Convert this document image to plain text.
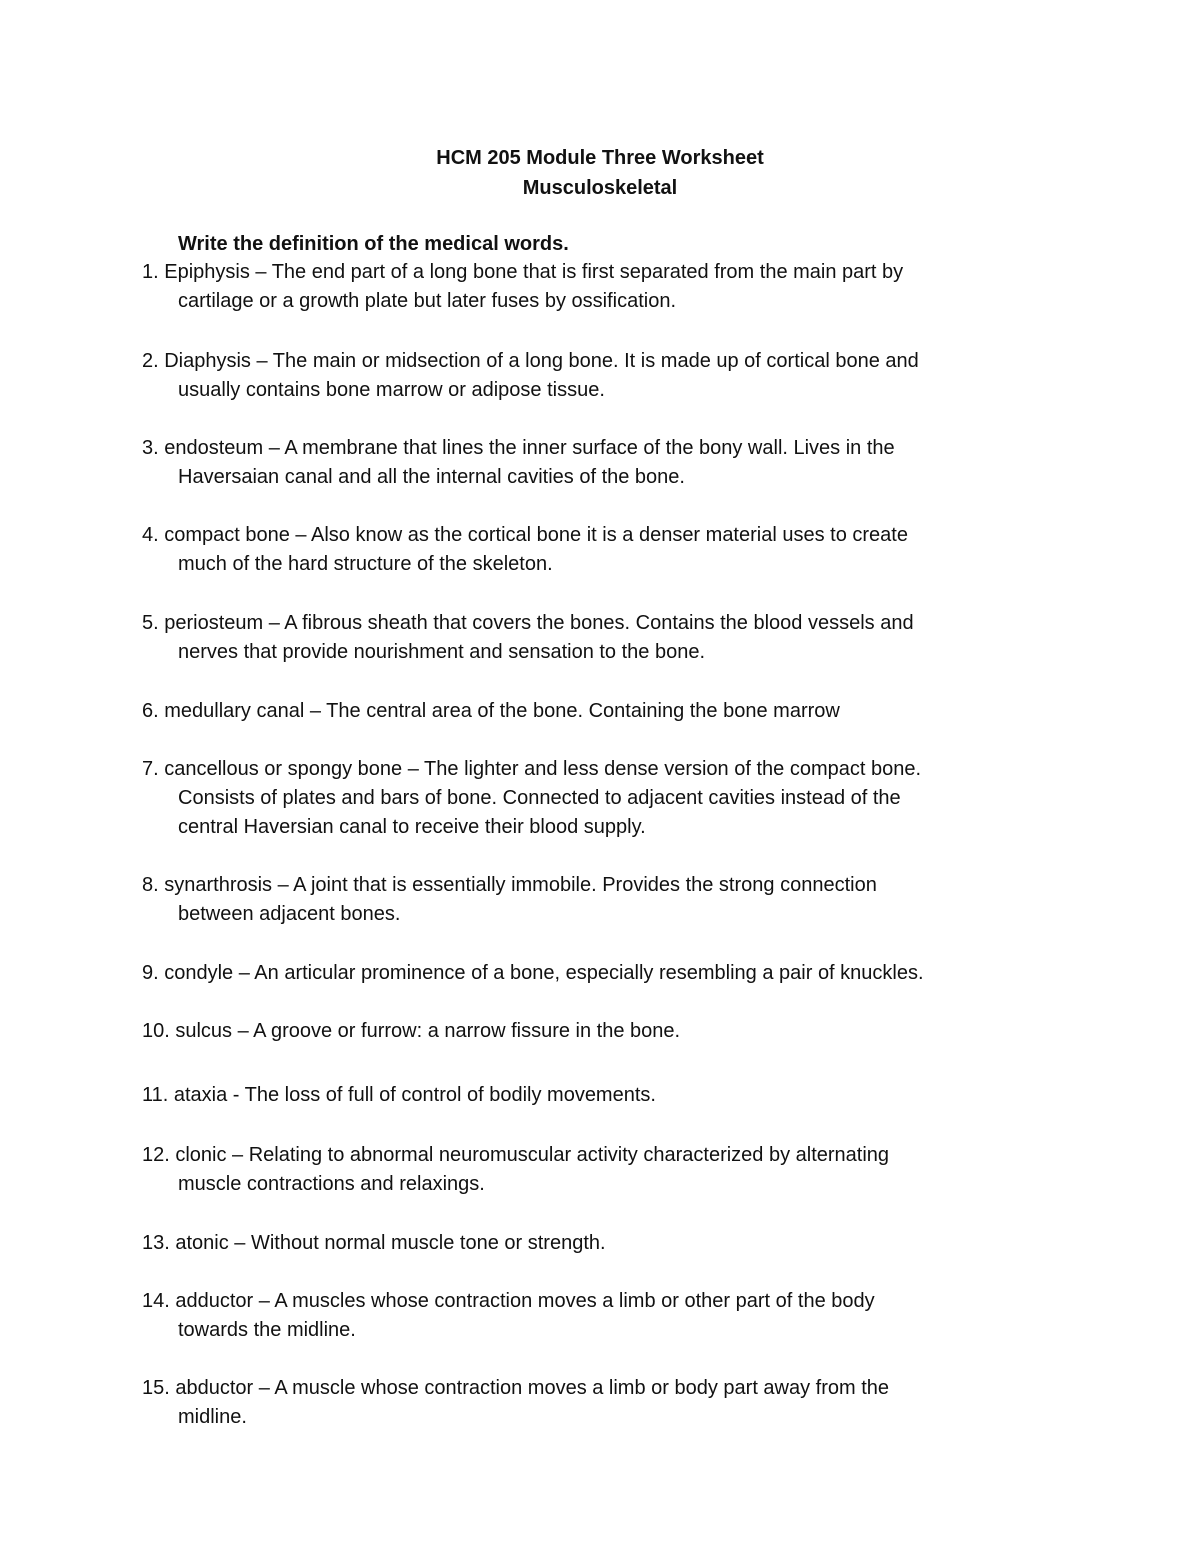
HCM 205 Module Three Worksheet
Musculoskeletal
Write the definition of the medical words.
1. Epiphysis – The end part of a long bone that is first separated from the main part by
cartilage or a growth plate but later fuses by ossification.
2. Diaphysis – The main or midsection of a long bone. It is made up of cortical bone and
usually contains bone marrow or adipose tissue.
3. endosteum – A membrane that lines the inner surface of the bony wall. Lives in the
Haversaian canal and all the internal cavities of the bone.
4. compact bone – Also know as the cortical bone it is a denser material uses to create
much of the hard structure of the skeleton.
5. periosteum – A fibrous sheath that covers the bones. Contains the blood vessels and
nerves that provide nourishment and sensation to the bone.
6. medullary canal – The central area of the bone. Containing the bone marrow
7. cancellous or spongy bone – The lighter and less dense version of the compact bone.
Consists of plates and bars of bone. Connected to adjacent cavities instead of the
central Haversian canal to receive their blood supply.
8. synarthrosis – A joint that is essentially immobile. Provides the strong connection
between adjacent bones.
9. condyle – An articular prominence of a bone, especially resembling a pair of knuckles.
10. sulcus – A groove or furrow: a narrow fissure in the bone.
11. ataxia - The loss of full of control of bodily movements.
12. clonic – Relating to abnormal neuromuscular activity characterized by alternating
muscle contractions and relaxings.
13. atonic – Without normal muscle tone or strength.
14. adductor – A muscles whose contraction moves a limb or other part of the body
towards the midline.
15. abductor – A muscle whose contraction moves a limb or body part away from the
midline.
